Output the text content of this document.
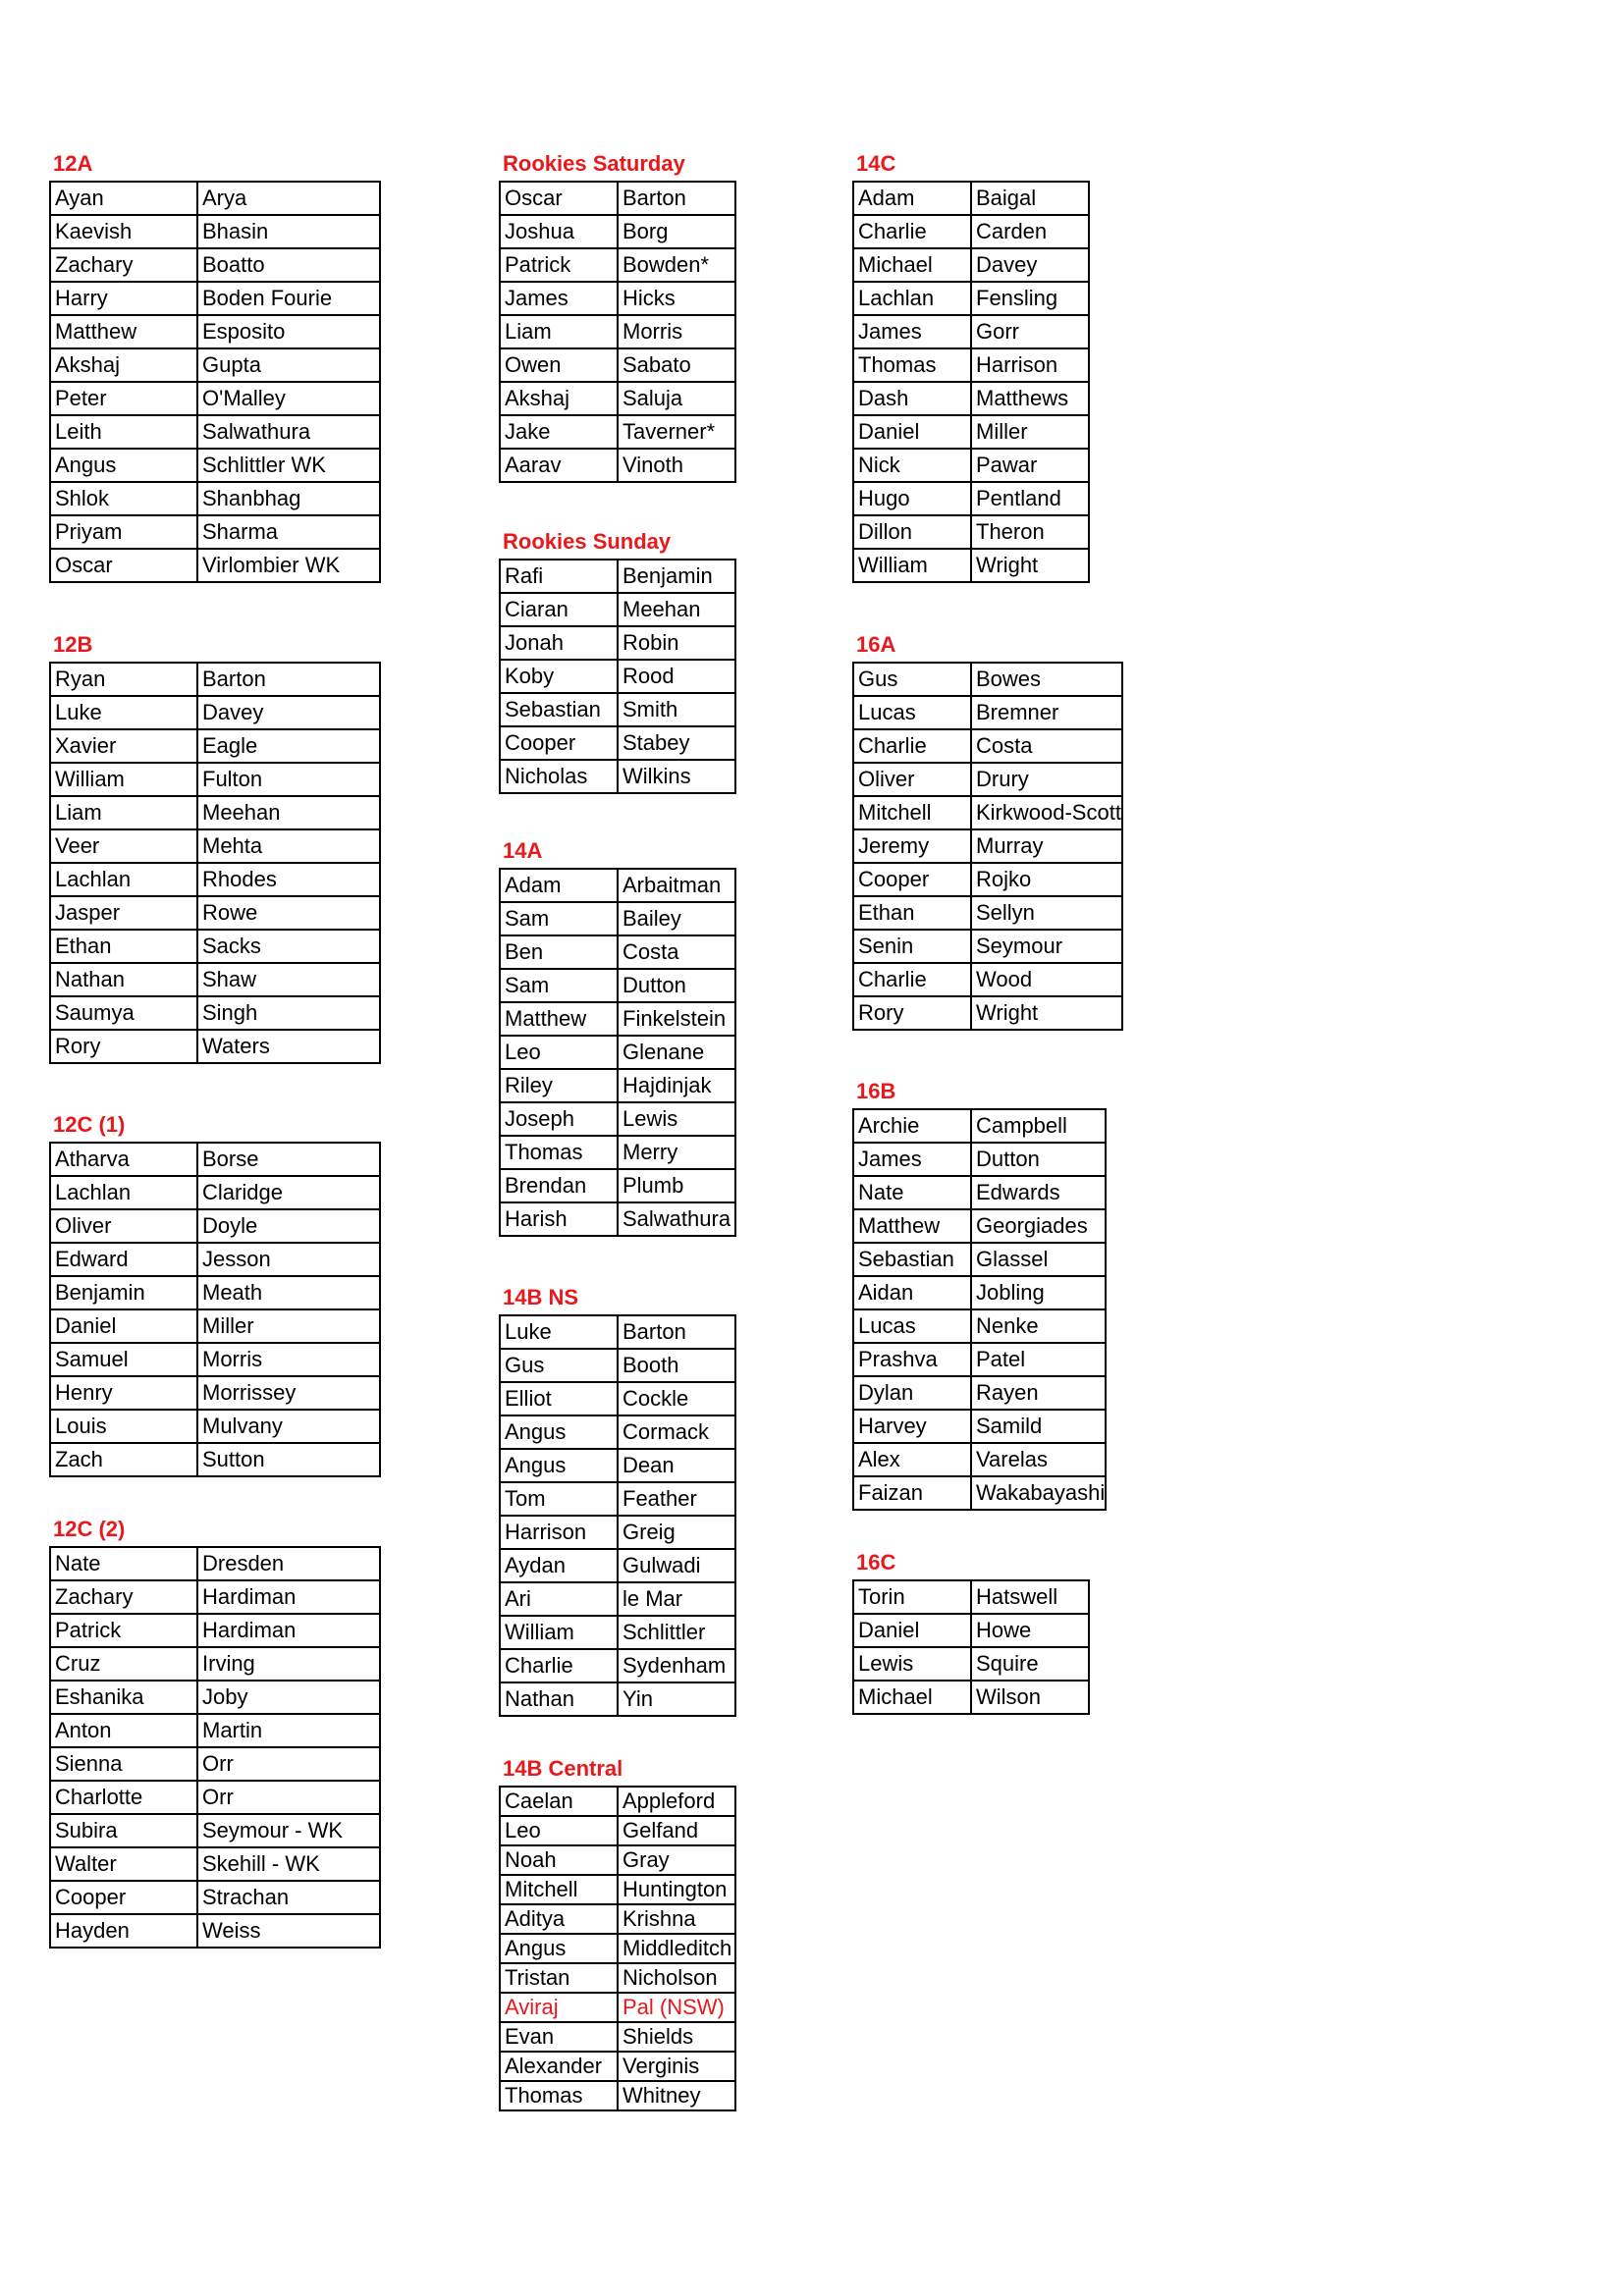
12A
Ayan	Arya
Kaevish	Bhasin
Zachary	Boatto
Harry	Boden Fourie
Matthew	Esposito
Akshaj	Gupta
Peter	O'Malley
Leith	Salwathura
Angus	Schlittler WK
Shlok	Shanbhag
Priyam	Sharma
Oscar	Virlombier WK
12B
Ryan	Barton
Luke	Davey
Xavier	Eagle
William	Fulton
Liam	Meehan
Veer	Mehta
Lachlan	Rhodes
Jasper	Rowe
Ethan	Sacks
Nathan	Shaw
Saumya	Singh
Rory	Waters
12C (1)
Atharva	Borse
Lachlan	Claridge
Oliver	Doyle
Edward	Jesson
Benjamin	Meath
Daniel	Miller
Samuel	Morris
Henry	Morrissey
Louis	Mulvany
Zach	Sutton
12C (2)
Nate	Dresden
Zachary	Hardiman
Patrick	Hardiman
Cruz	Irving
Eshanika	Joby
Anton	Martin
Sienna	Orr
Charlotte	Orr
Subira	Seymour - WK
Walter	Skehill - WK
Cooper	Strachan
Hayden	Weiss
Rookies Saturday
Oscar	Barton
Joshua	Borg
Patrick	Bowden*
James	Hicks
Liam	Morris
Owen	Sabato
Akshaj	Saluja
Jake	Taverner*
Aarav	Vinoth
Rookies Sunday
Rafi	Benjamin
Ciaran	Meehan
Jonah	Robin
Koby	Rood
Sebastian	Smith
Cooper	Stabey
Nicholas	Wilkins
14A
Adam	Arbaitman
Sam	Bailey
Ben	Costa
Sam	Dutton
Matthew	Finkelstein
Leo	Glenane
Riley	Hajdinjak
Joseph	Lewis
Thomas	Merry
Brendan	Plumb
Harish	Salwathura
14B NS
Luke	Barton
Gus	Booth
Elliot	Cockle
Angus	Cormack
Angus	Dean
Tom	Feather
Harrison	Greig
Aydan	Gulwadi
Ari	le Mar
William	Schlittler
Charlie	Sydenham
Nathan	Yin
14B Central
Caelan	Appleford
Leo	Gelfand
Noah	Gray
Mitchell	Huntington
Aditya	Krishna
Angus	Middleditch
Tristan	Nicholson
Aviraj	Pal (NSW)
Evan	Shields
Alexander	Verginis
Thomas	Whitney
14C
Adam	Baigal
Charlie	Carden
Michael	Davey
Lachlan	Fensling
James	Gorr
Thomas	Harrison
Dash	Matthews
Daniel	Miller
Nick	Pawar
Hugo	Pentland
Dillon	Theron
William	Wright
16A
Gus	Bowes
Lucas	Bremner
Charlie	Costa
Oliver	Drury
Mitchell	Kirkwood-Scott
Jeremy	Murray
Cooper	Rojko
Ethan	Sellyn
Senin	Seymour
Charlie	Wood
Rory	Wright
16B
Archie	Campbell
James	Dutton
Nate	Edwards
Matthew	Georgiades
Sebastian	Glassel
Aidan	Jobling
Lucas	Nenke
Prashva	Patel
Dylan	Rayen
Harvey	Samild
Alex	Varelas
Faizan	Wakabayashi
16C
Torin	Hatswell
Daniel	Howe
Lewis	Squire
Michael	Wilson
